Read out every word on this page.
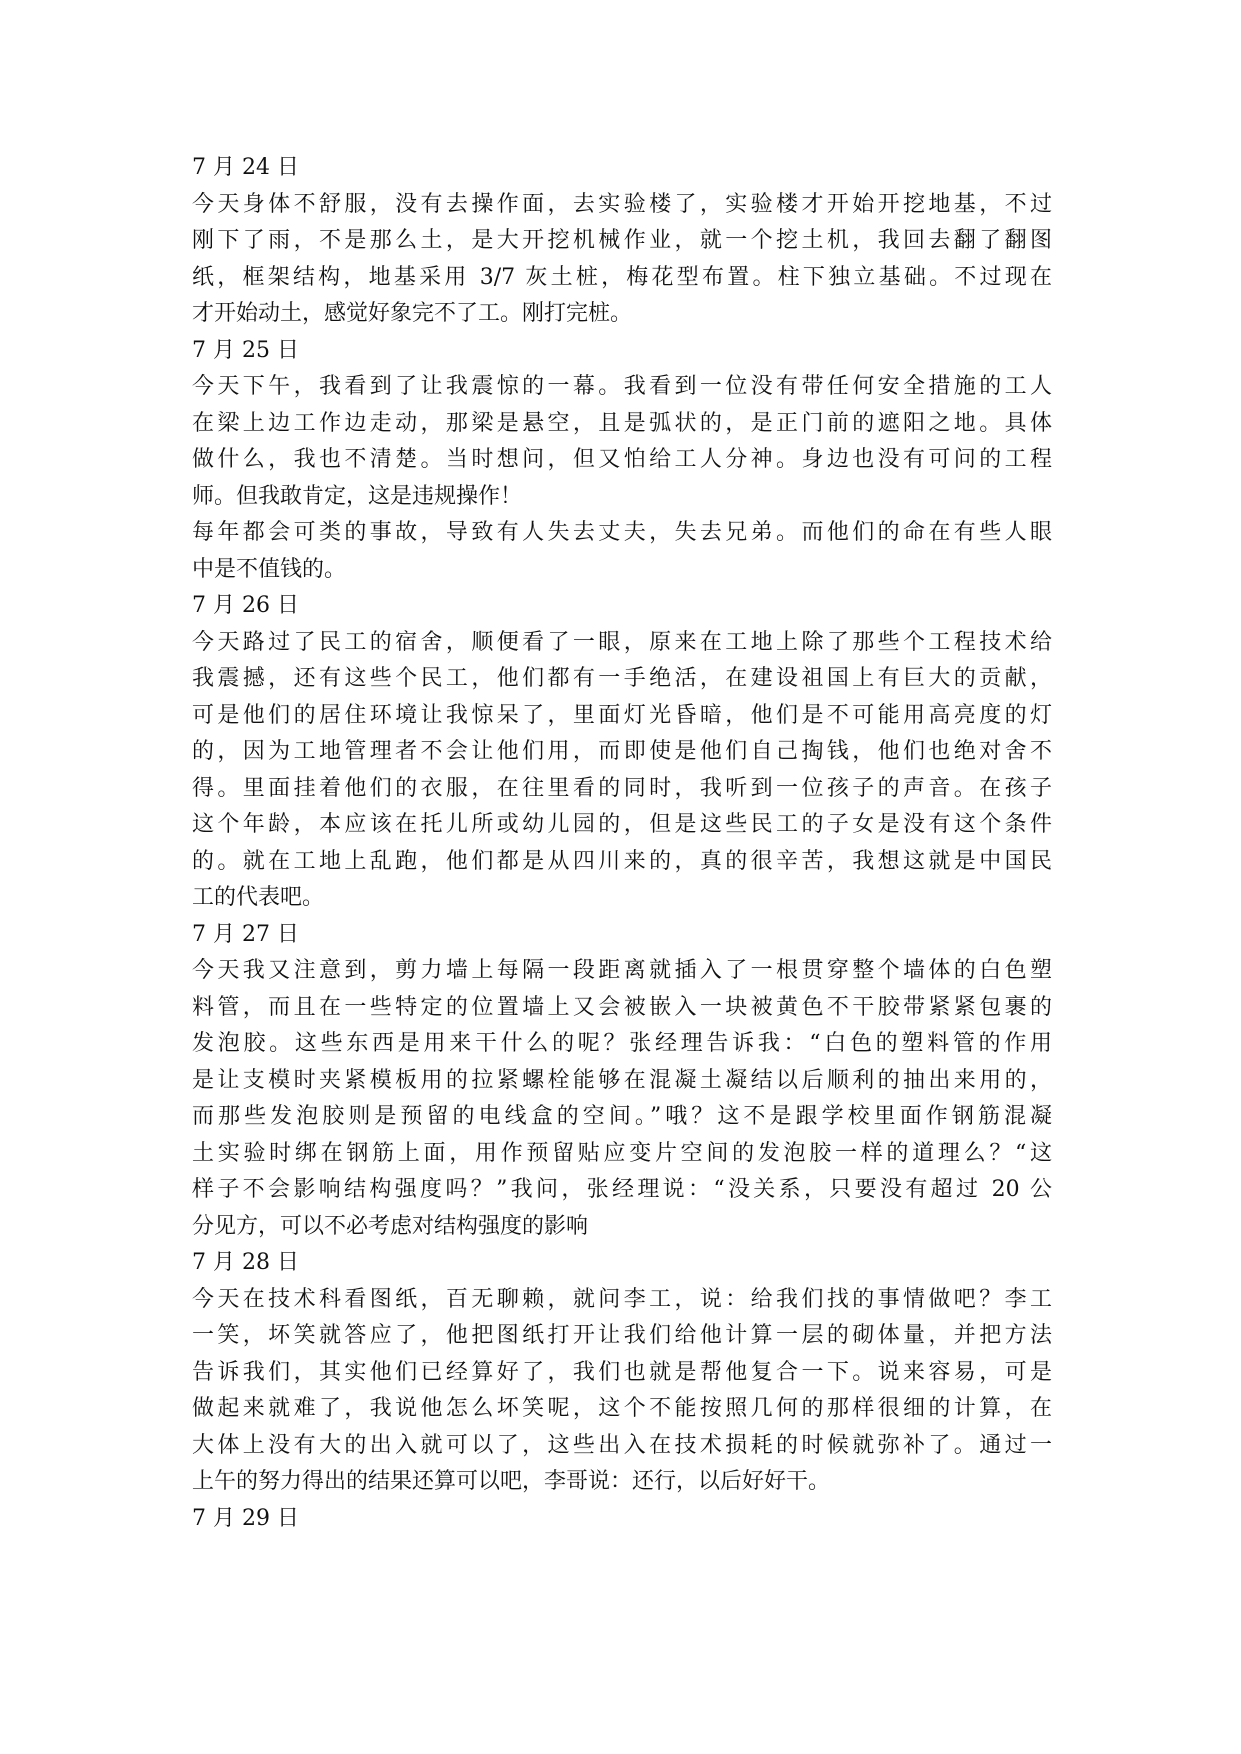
7 月 24 日
今天身体不舒服，没有去操作面，去实验楼了，实验楼才开始开挖地基，不过
刚下了雨，不是那么土，是大开挖机械作业，就一个挖土机，我回去翻了翻图
纸，框架结构，地基采用 3/7 灰土桩，梅花型布置。柱下独立基础。不过现在
才开始动土，感觉好象完不了工。刚打完桩。
7 月 25 日
今天下午，我看到了让我震惊的一幕。我看到一位没有带任何安全措施的工人
在梁上边工作边走动，那梁是悬空，且是弧状的，是正门前的遮阳之地。具体
做什么，我也不清楚。当时想问，但又怕给工人分神。身边也没有可问的工程
师。但我敢肯定，这是违规操作！
每年都会可类的事故，导致有人失去丈夫，失去兄弟。而他们的命在有些人眼
中是不值钱的。
7 月 26 日
今天路过了民工的宿舍，顺便看了一眼，原来在工地上除了那些个工程技术给
我震撼，还有这些个民工，他们都有一手绝活，在建设祖国上有巨大的贡献，
可是他们的居住环境让我惊呆了，里面灯光昏暗，他们是不可能用高亮度的灯
的，因为工地管理者不会让他们用，而即使是他们自己掏钱，他们也绝对舍不
得。里面挂着他们的衣服，在往里看的同时，我听到一位孩子的声音。在孩子
这个年龄，本应该在托儿所或幼儿园的，但是这些民工的子女是没有这个条件
的。就在工地上乱跑，他们都是从四川来的，真的很辛苦，我想这就是中国民
工的代表吧。
7 月 27 日
今天我又注意到，剪力墙上每隔一段距离就插入了一根贯穿整个墙体的白色塑
料管，而且在一些特定的位置墙上又会被嵌入一块被黄色不干胶带紧紧包裹的
发泡胶。这些东西是用来干什么的呢？张经理告诉我：“白色的塑料管的作用
是让支模时夹紧模板用的拉紧螺栓能够在混凝土凝结以后顺利的抽出来用的，
而那些发泡胶则是预留的电线盒的空间。”哦？这不是跟学校里面作钢筋混凝
土实验时绑在钢筋上面，用作预留贴应变片空间的发泡胶一样的道理么？“这
样子不会影响结构强度吗？”我问，张经理说：“没关系，只要没有超过 20 公
分见方，可以不必考虑对结构强度的影响
7 月 28 日
今天在技术科看图纸，百无聊赖，就问李工，说：给我们找的事情做吧？李工
一笑，坏笑就答应了，他把图纸打开让我们给他计算一层的砌体量，并把方法
告诉我们，其实他们已经算好了，我们也就是帮他复合一下。说来容易，可是
做起来就难了，我说他怎么坏笑呢，这个不能按照几何的那样很细的计算，在
大体上没有大的出入就可以了，这些出入在技术损耗的时候就弥补了。通过一
上午的努力得出的结果还算可以吧，李哥说：还行，以后好好干。
7 月 29 日
